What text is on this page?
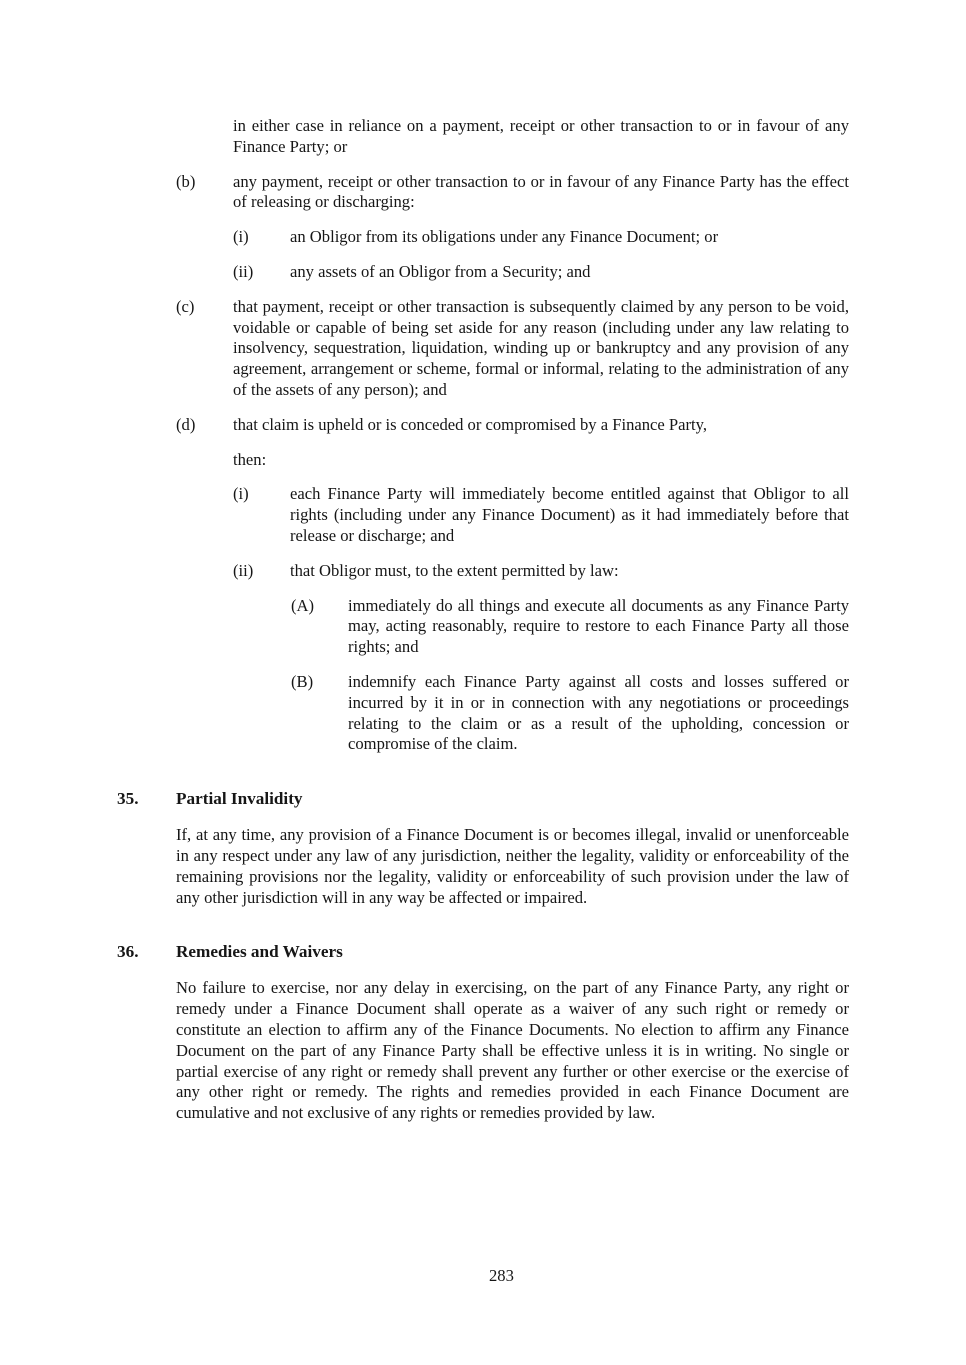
in either case in reliance on a payment, receipt or other transaction to or in favour of any Finance Party; or

(b) any payment, receipt or other transaction to or in favour of any Finance Party has the effect of releasing or discharging:

(i) an Obligor from its obligations under any Finance Document; or

(ii) any assets of an Obligor from a Security; and

(c) that payment, receipt or other transaction is subsequently claimed by any person to be void, voidable or capable of being set aside for any reason (including under any law relating to insolvency, sequestration, liquidation, winding up or bankruptcy and any provision of any agreement, arrangement or scheme, formal or informal, relating to the administration of any of the assets of any person); and

(d) that claim is upheld or is conceded or compromised by a Finance Party,

then:

(i) each Finance Party will immediately become entitled against that Obligor to all rights (including under any Finance Document) as it had immediately before that release or discharge; and

(ii) that Obligor must, to the extent permitted by law:

(A) immediately do all things and execute all documents as any Finance Party may, acting reasonably, require to restore to each Finance Party all those rights; and

(B) indemnify each Finance Party against all costs and losses suffered or incurred by it in or in connection with any negotiations or proceedings relating to the claim or as a result of the upholding, concession or compromise of the claim.

35. Partial Invalidity

If, at any time, any provision of a Finance Document is or becomes illegal, invalid or unenforceable in any respect under any law of any jurisdiction, neither the legality, validity or enforceability of the remaining provisions nor the legality, validity or enforceability of such provision under the law of any other jurisdiction will in any way be affected or impaired.

36. Remedies and Waivers

No failure to exercise, nor any delay in exercising, on the part of any Finance Party, any right or remedy under a Finance Document shall operate as a waiver of any such right or remedy or constitute an election to affirm any of the Finance Documents. No election to affirm any Finance Document on the part of any Finance Party shall be effective unless it is in writing. No single or partial exercise of any right or remedy shall prevent any further or other exercise or the exercise of any other right or remedy. The rights and remedies provided in each Finance Document are cumulative and not exclusive of any rights or remedies provided by law.

283
